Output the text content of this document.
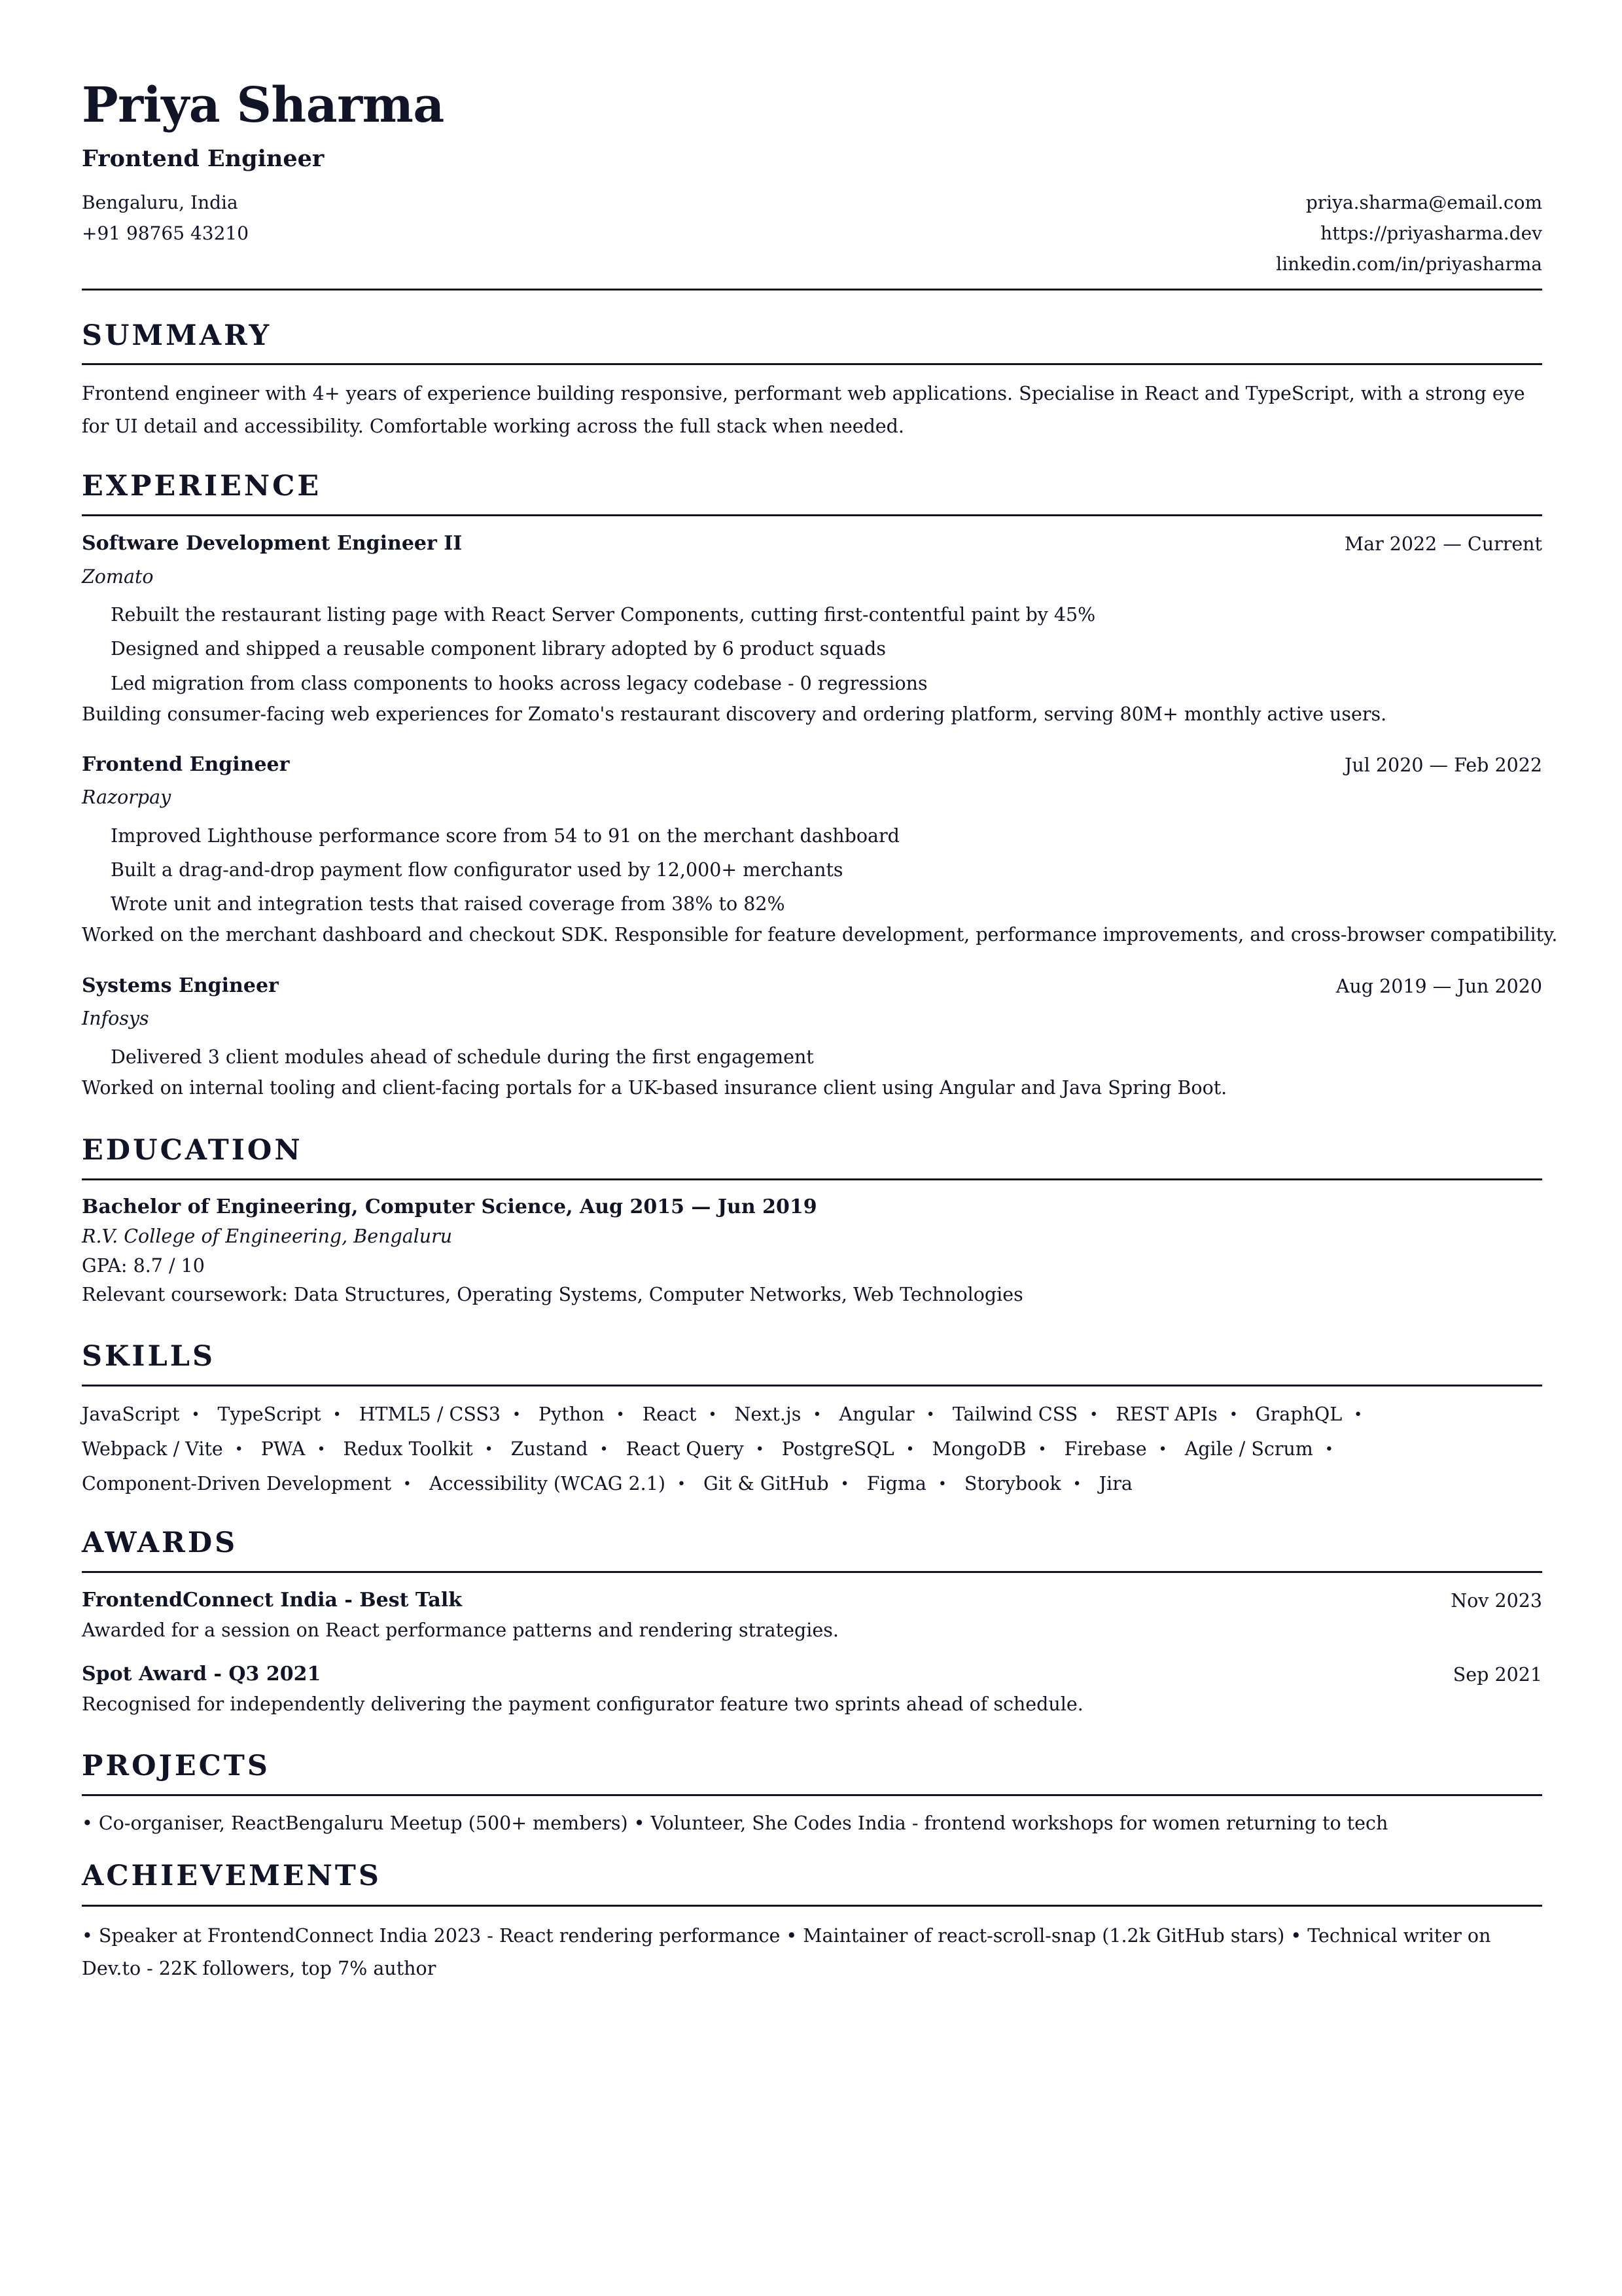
Priya Sharma
Frontend Engineer
Bengaluru, India
+91 98765 43210
priya.sharma@email.com
https://priyasharma.dev
linkedin.com/in/priyasharma
SUMMARY
Frontend engineer with 4+ years of experience building responsive, performant web applications. Specialise in React and TypeScript, with a strong eye for UI detail and accessibility. Comfortable working across the full stack when needed.
EXPERIENCE
Software Development Engineer II	Mar 2022 — Current
Zomato
Rebuilt the restaurant listing page with React Server Components, cutting first-contentful paint by 45%
Designed and shipped a reusable component library adopted by 6 product squads
Led migration from class components to hooks across legacy codebase - 0 regressions
Building consumer-facing web experiences for Zomato's restaurant discovery and ordering platform, serving 80M+ monthly active users.
Frontend Engineer	Jul 2020 — Feb 2022
Razorpay
Improved Lighthouse performance score from 54 to 91 on the merchant dashboard
Built a drag-and-drop payment flow configurator used by 12,000+ merchants
Wrote unit and integration tests that raised coverage from 38% to 82%
Worked on the merchant dashboard and checkout SDK. Responsible for feature development, performance improvements, and cross-browser compatibility.
Systems Engineer	Aug 2019 — Jun 2020
Infosys
Delivered 3 client modules ahead of schedule during the first engagement
Worked on internal tooling and client-facing portals for a UK-based insurance client using Angular and Java Spring Boot.
EDUCATION
Bachelor of Engineering, Computer Science, Aug 2015 — Jun 2019
R.V. College of Engineering, Bengaluru
GPA: 8.7 / 10
Relevant coursework: Data Structures, Operating Systems, Computer Networks, Web Technologies
SKILLS
JavaScript • TypeScript • HTML5 / CSS3 • Python • React • Next.js • Angular • Tailwind CSS • REST APIs • GraphQL • Webpack / Vite • PWA • Redux Toolkit • Zustand • React Query • PostgreSQL • MongoDB • Firebase • Agile / Scrum • Component-Driven Development • Accessibility (WCAG 2.1) • Git & GitHub • Figma • Storybook • Jira
AWARDS
FrontendConnect India - Best Talk	Nov 2023
Awarded for a session on React performance patterns and rendering strategies.
Spot Award - Q3 2021	Sep 2021
Recognised for independently delivering the payment configurator feature two sprints ahead of schedule.
PROJECTS
• Co-organiser, ReactBengaluru Meetup (500+ members) • Volunteer, She Codes India - frontend workshops for women returning to tech
ACHIEVEMENTS
• Speaker at FrontendConnect India 2023 - React rendering performance • Maintainer of react-scroll-snap (1.2k GitHub stars) • Technical writer on Dev.to - 22K followers, top 7% author
